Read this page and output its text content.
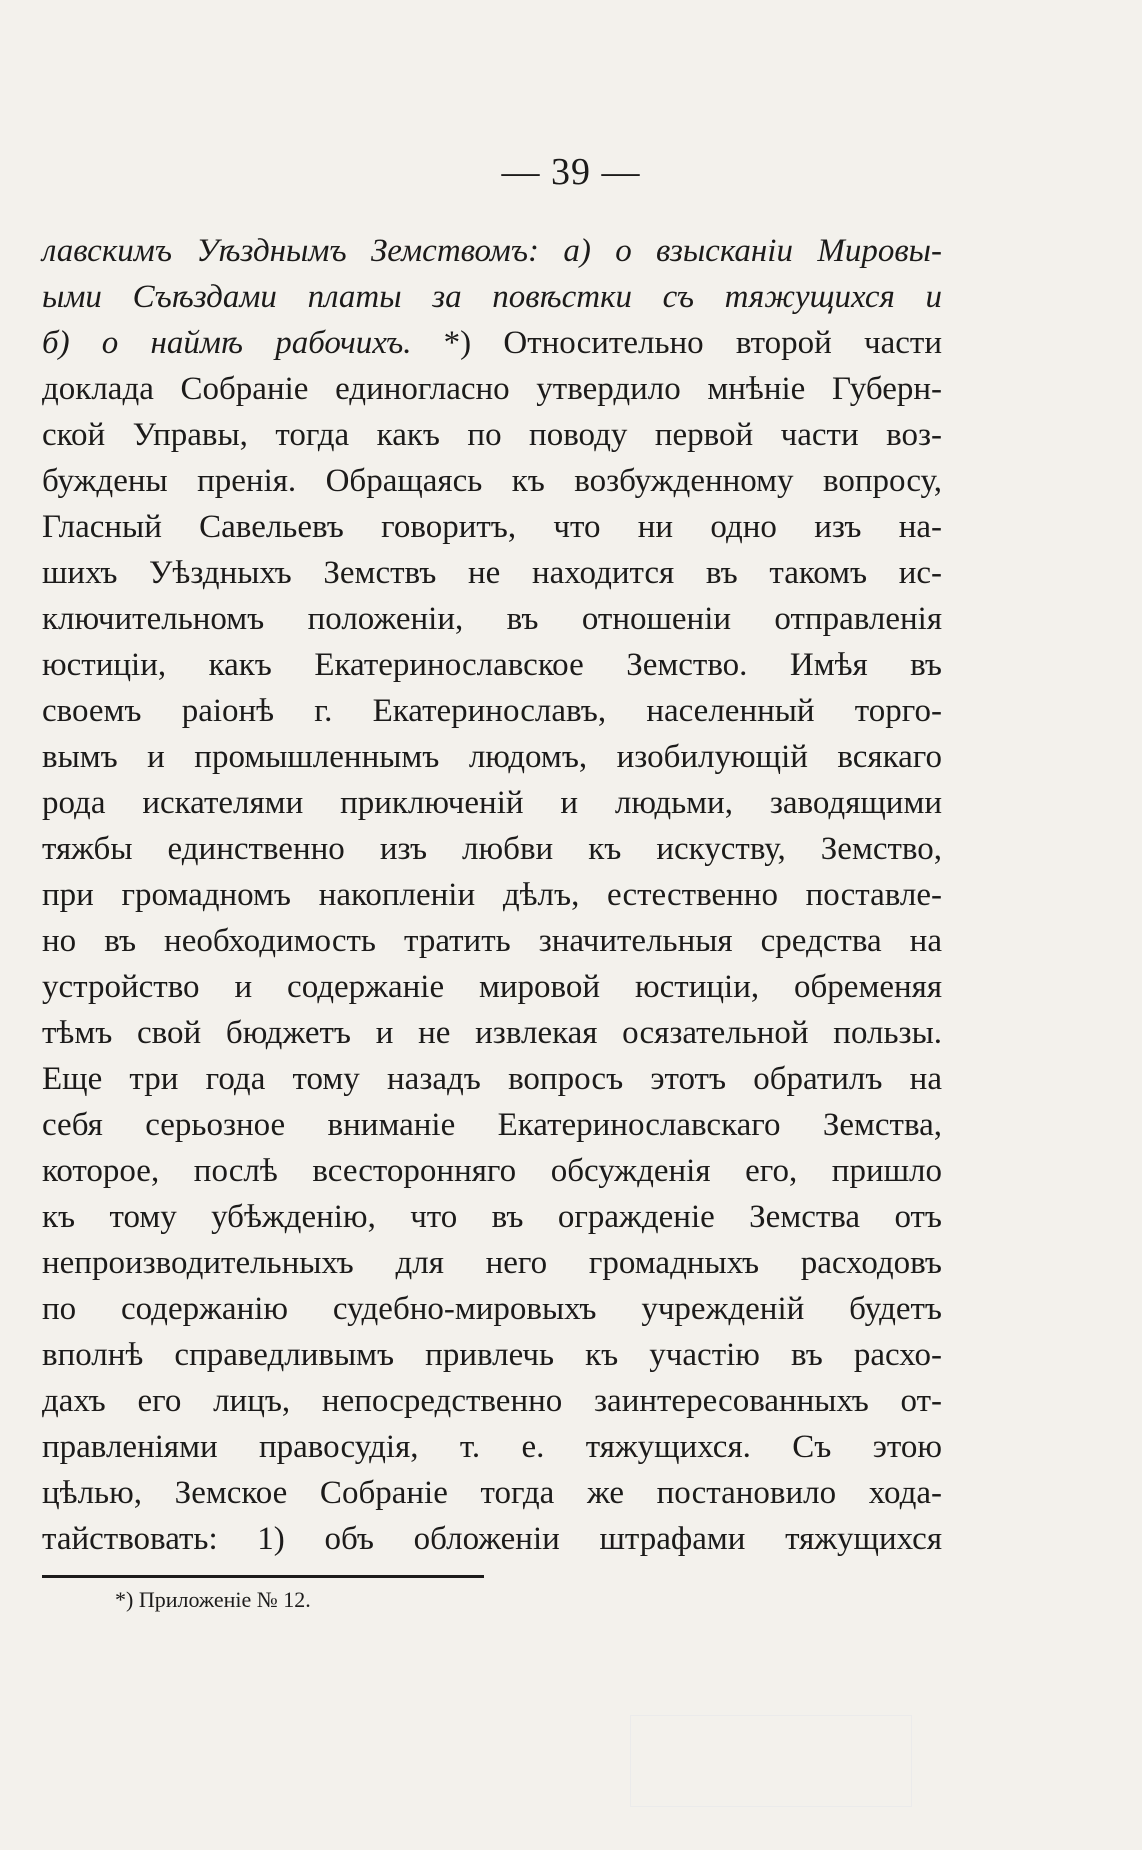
— 39 —
лавскимъ Уѣзднымъ Земствомъ: а) о взысканіи Мировы-
ыми Съѣздами платы за повѣстки съ тяжущихся и
б) о наймѣ рабочихъ. *) Относительно второй части
доклада Собраніе единогласно утвердило мнѣніе Губерн-
ской Управы, тогда какъ по поводу первой части воз-
буждены пренія. Обращаясь къ возбужденному вопросу,
Гласный Савельевъ говоритъ, что ни одно изъ на-
шихъ Уѣздныхъ Земствъ не находится въ такомъ ис-
ключительномъ положеніи, въ отношеніи отправленія
юстиціи, какъ Екатеринославское Земство. Имѣя въ
своемъ раіонѣ г. Екатеринославъ, населенный торго-
вымъ и промышленнымъ людомъ, изобилующій всякаго
рода искателями приключеній и людьми, заводящими
тяжбы единственно изъ любви къ искуству, Земство,
при громадномъ накопленіи дѣлъ, естественно поставле-
но въ необходимость тратить значительныя средства на
устройство и содержаніе мировой юстиціи, обременяя
тѣмъ свой бюджетъ и не извлекая осязательной пользы.
Еще три года тому назадъ вопросъ этотъ обратилъ на
себя серьозное вниманіе Екатеринославскаго Земства,
которое, послѣ всесторонняго обсужденія его, пришло
къ тому убѣжденію, что въ огражденіе Земства отъ
непроизводительныхъ для него громадныхъ расходовъ
по содержанію судебно-мировыхъ учрежденій будетъ
вполнѣ справедливымъ привлечь къ участію въ расхо-
дахъ его лицъ, непосредственно заинтересованныхъ от-
правленіями правосудія, т. е. тяжущихся. Съ этою
цѣлью, Земское Собраніе тогда же постановило хода-
тайствовать: 1) объ обложеніи штрафами тяжущихся
*) Приложеніе № 12.
